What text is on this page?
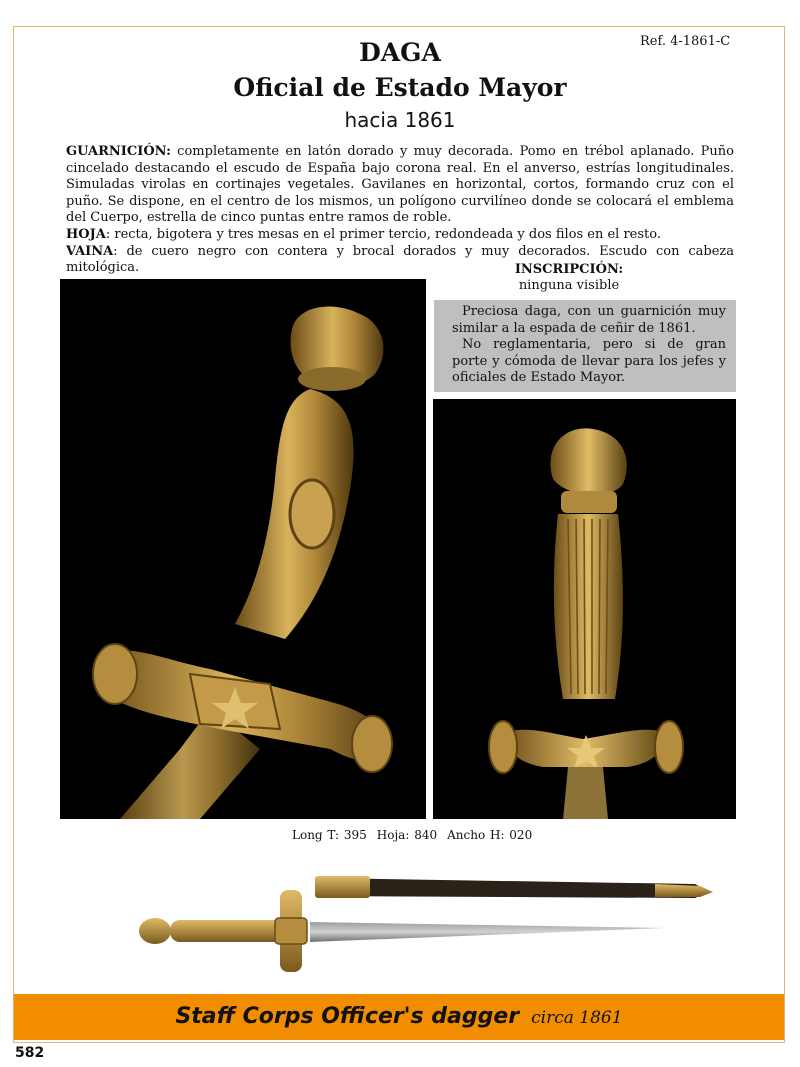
Ref. 4-1861-C
DAGA
Oficial de Estado Mayor
hacia 1861

GUARNICIÓN: completamente en latón dorado y muy decorada. Pomo en trébol aplanado. Puño cincelado destacando el escudo de España bajo corona real. En el anverso, estrías longitudinales. Simuladas virolas en cortinajes vegetales. Gavilanes en horizontal, cortos, formando cruz con el puño. Se dispone, en el centro de los mismos, un polígono curvilíneo donde se colocará el emblema del Cuerpo, estrella de cinco puntas entre ramos de roble.

HOJA: recta, bigotera y tres mesas en el primer tercio, redondeada y dos filos en el resto.

VAINA: de cuero negro con contera y brocal dorados y muy decorados. Escudo con cabeza mitológica.	INSCRIPCIÓN:
ninguna visible

Preciosa daga, con un guarnición muy similar a la espada de ceñir de 1861.

No reglamentaria, pero si de gran porte y cómoda de llevar para los jefes y oficiales de Estado Mayor.

Long T: 395 Hoja: 840 Ancho H: 020
Staff Corps Officer's dagger circa 1861
582
